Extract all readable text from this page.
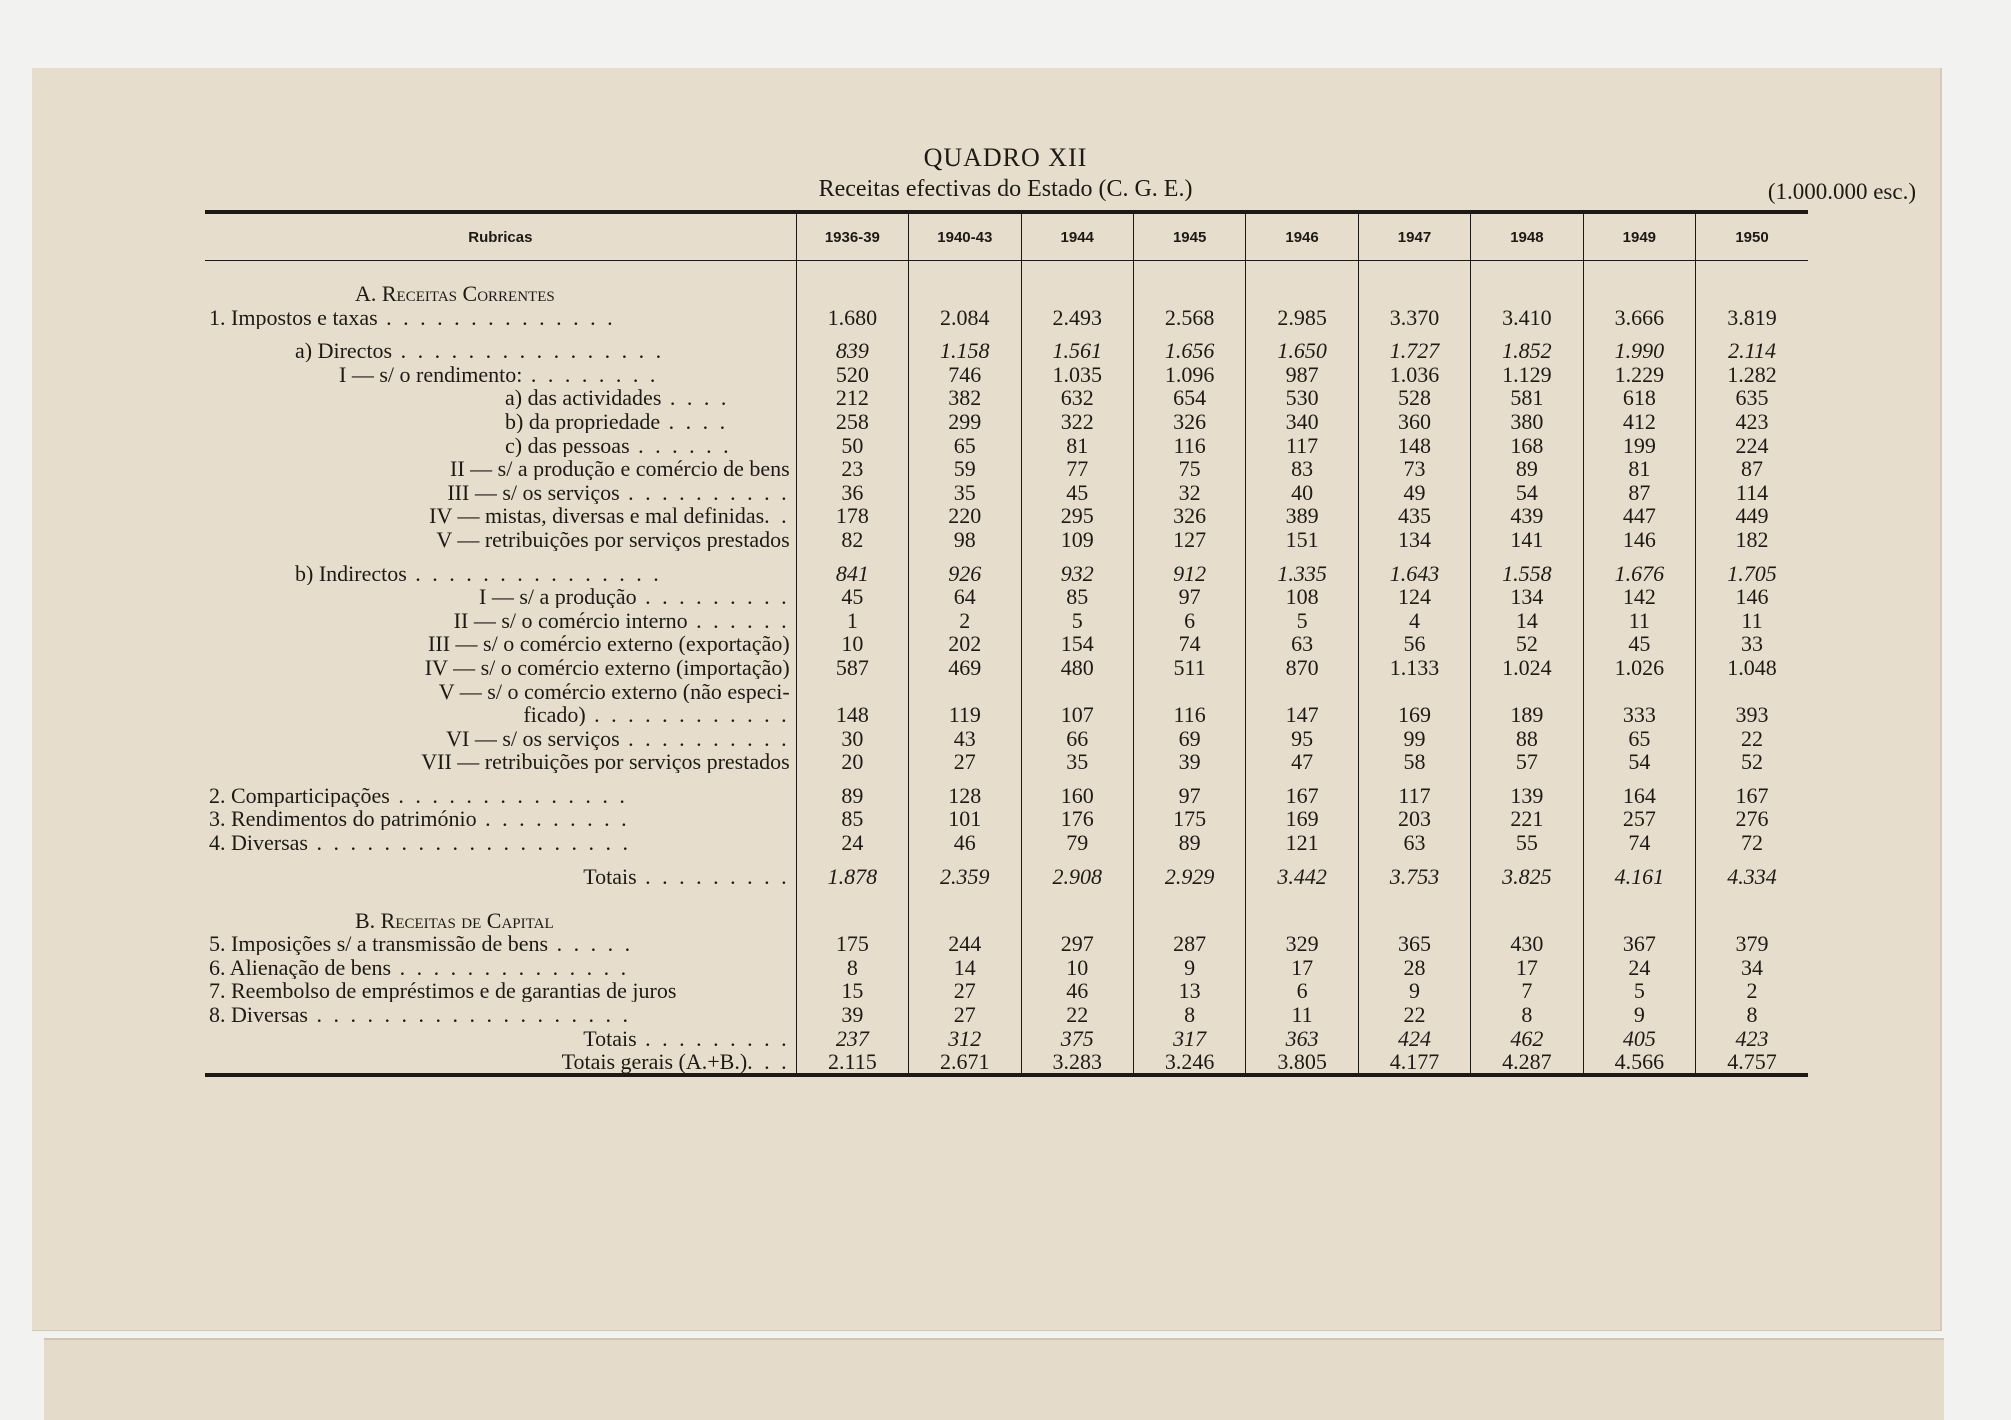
QUADRO XII
Receitas efectivas do Estado (C. G. E.)	(1.000.000 esc.)
Rubricas	1936-39	1940-43	1944	1945	1946	1947	1948	1949	1950
A. Receitas Correntes									
1. Impostos e taxas . . . . . . . . . . . . . .	1.680	2.084	2.493	2.568	2.985	3.370	3.410	3.666	3.819

a) Directos . . . . . . . . . . . . . . . .	839	1.158	1.561	1.656	1.650	1.727	1.852	1.990	2.114
I — s/ o rendimento: . . . . . . . .	520	746	1.035	1.096	987	1.036	1.129	1.229	1.282
a) das actividades . . . .	212	382	632	654	530	528	581	618	635
b) da propriedade . . . .	258	299	322	326	340	360	380	412	423
c) das pessoas . . . . . .	50	65	81	116	117	148	168	199	224
II — s/ a produção e comércio de bens	23	59	77	75	83	73	89	81	87
III — s/ os serviços . . . . . . . . . .	36	35	45	32	40	49	54	87	114
IV — mistas, diversas e mal definidas. .	178	220	295	326	389	435	439	447	449
V — retribuições por serviços prestados	82	98	109	127	151	134	141	146	182

b) Indirectos . . . . . . . . . . . . . . .	841	926	932	912	1.335	1.643	1.558	1.676	1.705
I — s/ a produção . . . . . . . . .	45	64	85	97	108	124	134	142	146
II — s/ o comércio interno . . . . . .	1	2	5	6	5	4	14	11	11
III — s/ o comércio externo (exportação)	10	202	154	74	63	56	52	45	33
IV — s/ o comércio externo (importação)	587	469	480	511	870	1.133	1.024	1.026	1.048
V — s/ o comércio externo (não especi-									
ficado) . . . . . . . . . . . .	148	119	107	116	147	169	189	333	393
VI — s/ os serviços . . . . . . . . . .	30	43	66	69	95	99	88	65	22
VII — retribuições por serviços prestados	20	27	35	39	47	58	57	54	52

2. Comparticipações . . . . . . . . . . . . . .	89	128	160	97	167	117	139	164	167
3. Rendimentos do património . . . . . . . . .	85	101	176	175	169	203	221	257	276
4. Diversas . . . . . . . . . . . . . . . . . . .	24	46	79	89	121	63	55	74	72

Totais . . . . . . . . .	1.878	2.359	2.908	2.929	3.442	3.753	3.825	4.161	4.334
B. Receitas de Capital									
5. Imposições s/ a transmissão de bens . . . . .	175	244	297	287	329	365	430	367	379
6. Alienação de bens . . . . . . . . . . . . . .	8	14	10	9	17	28	17	24	34
7. Reembolso de empréstimos e de garantias de juros	15	27	46	13	6	9	7	5	2
8. Diversas . . . . . . . . . . . . . . . . . . .	39	27	22	8	11	22	8	9	8
Totais . . . . . . . . .	237	312	375	317	363	424	462	405	423
Totais gerais (A.+B.). . .	2.115	2.671	3.283	3.246	3.805	4.177	4.287	4.566	4.757
